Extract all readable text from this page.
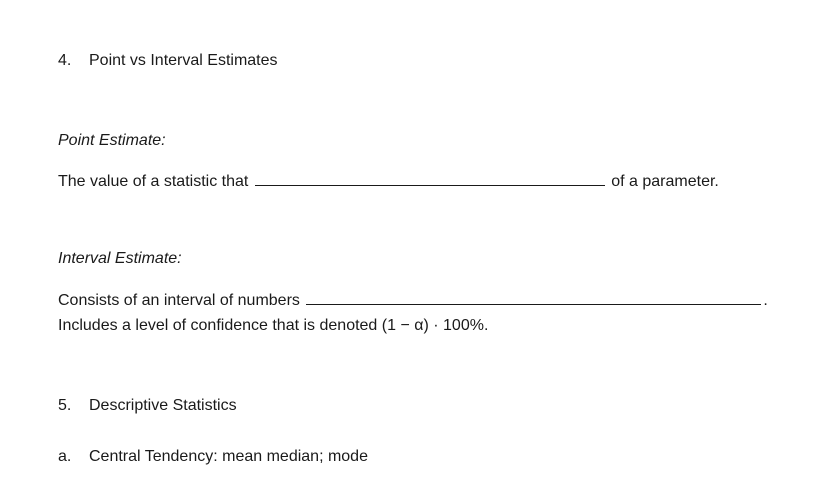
4. Point vs Interval Estimates
Point Estimate:
The value of a statistic that	of a parameter.
Interval Estimate:
Consists of an interval of numbers	.
Includes a level of confidence that is denoted (1 − α) · 100%.
5. Descriptive Statistics
a. Central Tendency: mean median; mode
